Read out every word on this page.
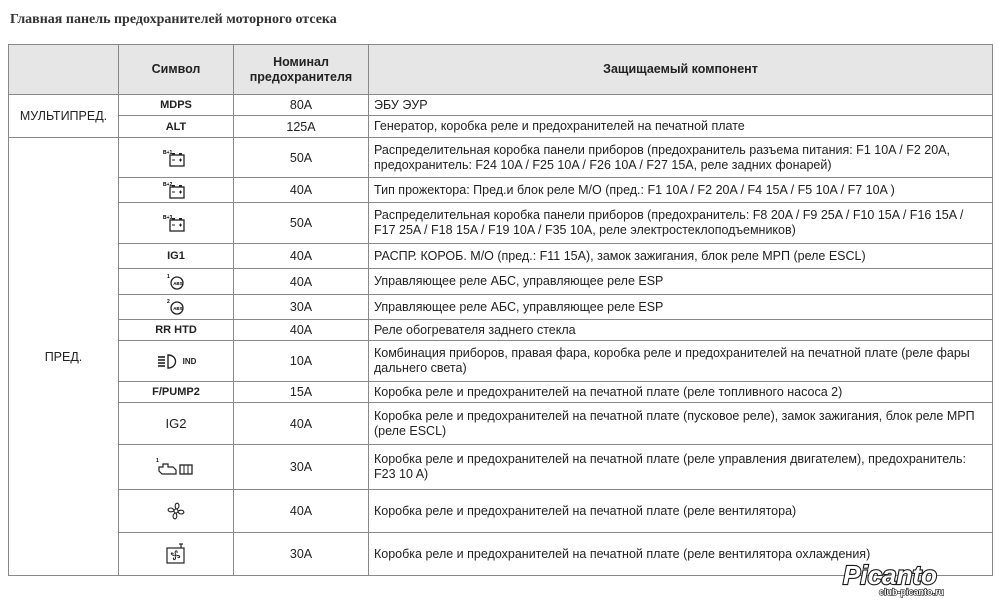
Главная панель предохранителей моторного отсека
	Символ	Номинал
предохранителя	Защищаемый компонент
МУЛЬТИПРЕД.	MDPS	80A	ЭБУ ЭУР
	ALT	125A	Генератор, коробка реле и предохранителей на печатной плате
ПРЕД.	B+1	50A	Распределительная коробка панели приборов (предохранитель разъема питания: F1 10A / F2 20A, предохранитель: F24 10A / F25 10A / F26 10A / F27 15A, реле задних фонарей)

B+2	40A	Тип прожектора: Пред.и блок реле М/О (пред.: F1 10A / F2 20A / F4 15A / F5 10A / F7 10A )

B+3	50A	Распределительная коробка панели приборов (предохранитель: F8 20A / F9 25A / F10 15A / F16 15A / F17 25A / F18 15A / F19 10A / F35 10A, реле электростеклоподъемников)
	IG1	40A	РАСПР. КОРОБ. М/О (пред.: F11 15A), замок зажигания, блок реле МРП (реле ESCL)

1
ABS	40A	Управляющее реле АБС, управляющее реле ESP

2
ABS	30A	Управляющее реле АБС, управляющее реле ESP
	RR HTD	40A	Реле обогревателя заднего стекла
	IND	10A	Комбинация приборов, правая фара, коробка реле и предохранителей на печатной плате (реле фары дальнего света)
	F/PUMP2	15A	Коробка реле и предохранителей на печатной плате (реле топливного насоса 2)
	IG2	40A	Коробка реле и предохранителей на печатной плате (пусковое реле), замок зажигания, блок реле МРП (реле ESCL)

1	30A	Коробка реле и предохранителей на печатной плате (реле управления двигателем), предохранитель: F23 10 A)
	40A	Коробка реле и предохранителей на печатной плате (реле вентилятора)
	30A	Коробка реле и предохранителей на печатной плате (реле вентилятора охлаждения)
Picanto
club-picanto.ru
